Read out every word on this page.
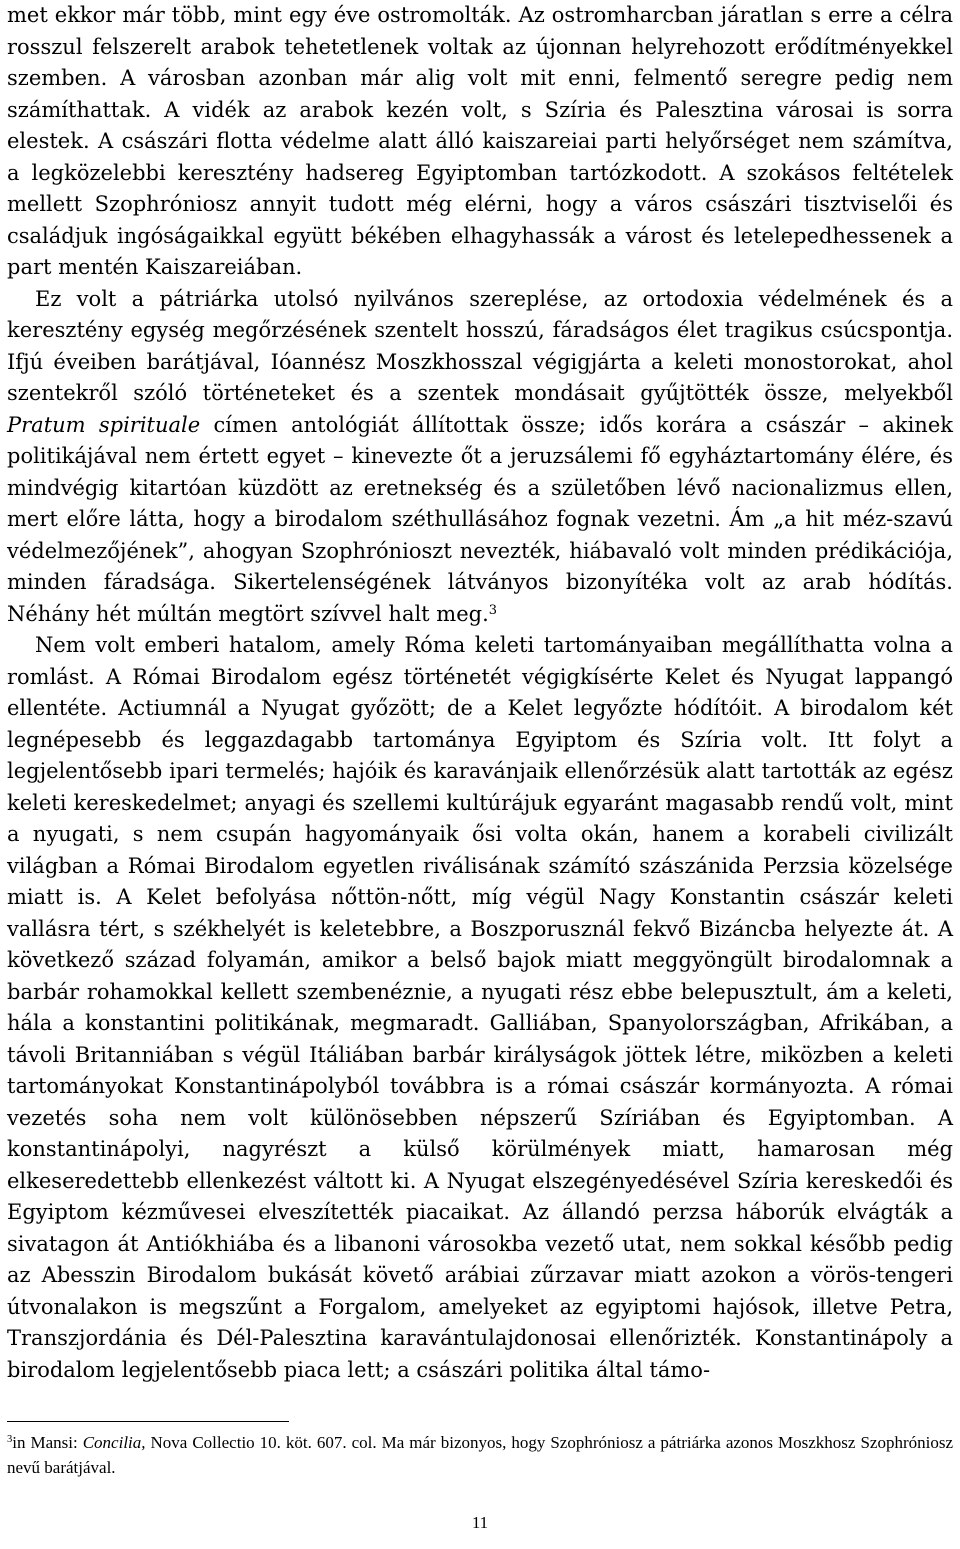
met ekkor már több, mint egy éve ostromolták. Az ostromharcban járatlan s erre a célra rosszul felszerelt arabok tehetetlenek voltak az újonnan helyrehozott erődítményekkel szemben. A városban azonban már alig volt mit enni, felmentő seregre pedig nem számíthattak. A vidék az arabok kezén volt, s Szíria és Palesztina városai is sorra elestek. A császári flotta védelme alatt álló kaiszareiai parti helyőrséget nem számítva, a legközelebbi keresztény hadsereg Egyiptomban tartózkodott. A szokásos feltételek mellett Szophróniosz annyit tudott még elérni, hogy a város császári tisztviselői és családjuk ingóságaikkal együtt békében elhagyhassák a várost és letelepedhessenek a part mentén Kaiszareiában.

Ez volt a pátriárka utolsó nyilvános szereplése, az ortodoxia védelmének és a keresztény egység megőrzésének szentelt hosszú, fáradságos élet tragikus csúcspontja. Ifjú éveiben barátjával, Ióannész Moszkhosszal végigjárta a keleti monostorokat, ahol szentekről szóló történeteket és a szentek mondásait gyűjtötték össze, melyekből Pratum spirituale címen antológiát állítottak össze; idős korára a császár – akinek politikájával nem értett egyet – kinevezte őt a jeruzsálemi fő egyháztartomány élére, és mindvégig kitartóan küzdött az eretnekség és a születőben lévő nacionalizmus ellen, mert előre látta, hogy a birodalom széthullásához fognak vezetni. Ám „a hit méz-szavú védelmezőjének”, ahogyan Szophrónioszt nevezték, hiábavaló volt minden prédikációja, minden fáradsága. Sikertelenségének látványos bizonyítéka volt az arab hódítás. Néhány hét múltán megtört szívvel halt meg.$^3$

Nem volt emberi hatalom, amely Róma keleti tartományaiban megállíthatta volna a romlást. A Római Birodalom egész történetét végigkísérte Kelet és Nyugat lappangó ellentéte. Actiumnál a Nyugat győzött; de a Kelet legyőzte hódítóit. A birodalom két legnépesebb és leggazdagabb tartománya Egyiptom és Szíria volt. Itt folyt a legjelentősebb ipari termelés; hajóik és karavánjaik ellenőrzésük alatt tartották az egész keleti kereskedelmet; anyagi és szellemi kultúrájuk egyaránt magasabb rendű volt, mint a nyugati, s nem csupán hagyományaik ősi volta okán, hanem a korabeli civilizált világban a Római Birodalom egyetlen riválisának számító szászánida Perzsia közelsége miatt is. A Kelet befolyása nőttön-nőtt, míg végül Nagy Konstantin császár keleti vallásra tért, s székhelyét is keletebbre, a Boszporusznál fekvő Bizáncba helyezte át. A következő század folyamán, amikor a belső bajok miatt meggyöngült birodalomnak a barbár rohamokkal kellett szembenéznie, a nyugati rész ebbe belepusztult, ám a keleti, hála a konstantini politikának, megmaradt. Galliában, Spanyolországban, Afrikában, a távoli Britanniában s végül Itáliában barbár királyságok jöttek létre, miközben a keleti tartományokat Konstantinápolyból továbbra is a római császár kormányozta. A római vezetés soha nem volt különösebben népszerű Szíriában és Egyiptomban. A konstantinápolyi, nagyrészt a külső körülmények miatt, hamarosan még elkeseredettebb ellenkezést váltott ki. A Nyugat elszegényedésével Szíria kereskedői és Egyiptom kézművesei elveszítették piacaikat. Az állandó perzsa háborúk elvágták a sivatagon át Antiókhiába és a libanoni városokba vezető utat, nem sokkal később pedig az Abesszin Birodalom bukását követő arábiai zűrzavar miatt azokon a vörös-tengeri útvonalakon is megszűnt a Forgalom, amelyeket az egyiptomi hajósok, illetve Petra, Transzjordánia és Dél-Palesztina karavántulajdonosai ellenőrizték. Konstantinápoly a birodalom legjelentősebb piaca lett; a császári politika által támo-

$^3$in Mansi: Concilia, Nova Collectio 10. köt. 607. col. Ma már bizonyos, hogy Szophróniosz a pátriárka azonos Moszkhosz Szophróniosz nevű barátjával.
11
